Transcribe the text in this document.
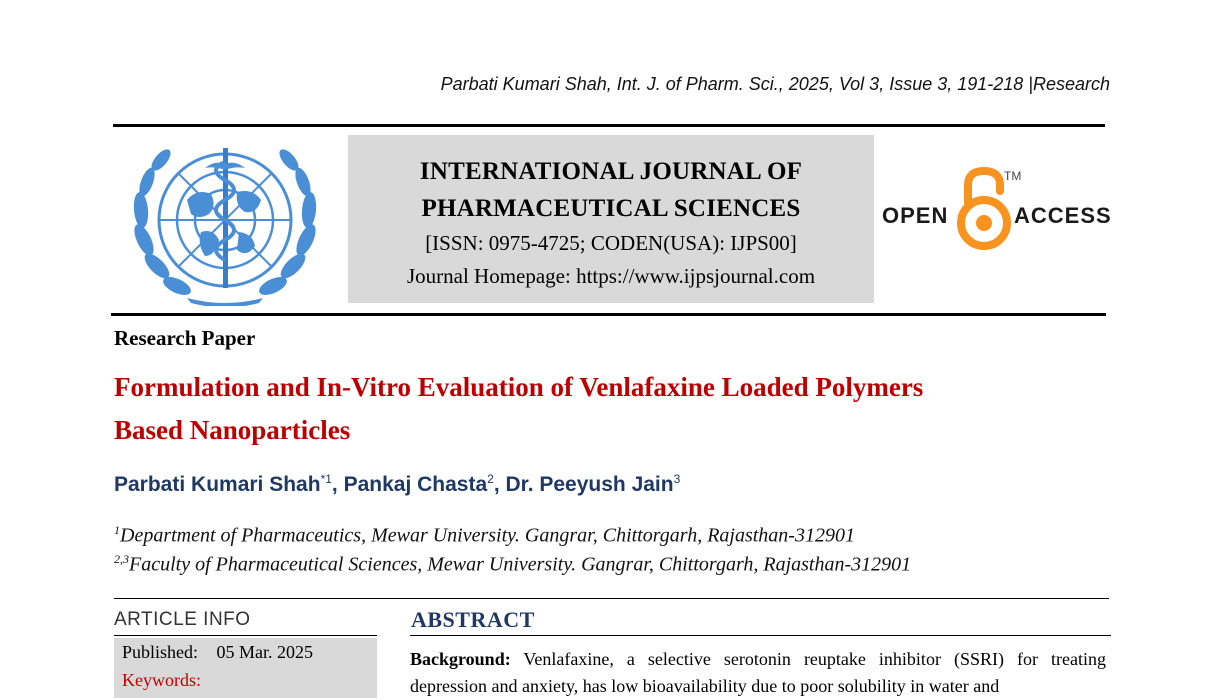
Parbati Kumari Shah, Int. J. of Pharm. Sci., 2025, Vol 3, Issue 3, 191-218 |Research
INTERNATIONAL JOURNAL OF
PHARMACEUTICAL SCIENCES
[ISSN: 0975-4725; CODEN(USA): IJPS00]
Journal Homepage: https://www.ijpsjournal.com
OPEN
TM
ACCESS
Research Paper
Formulation and In-Vitro Evaluation of Venlafaxine Loaded Polymers
Based Nanoparticles
Parbati Kumari Shah$^{*1}$, Pankaj Chasta$^2$, Dr. Peeyush Jain$^3$
$^1$Department of Pharmaceutics, Mewar University. Gangrar, Chittorgarh, Rajasthan-312901
$^{2,3}$Faculty of Pharmaceutical Sciences, Mewar University. Gangrar, Chittorgarh, Rajasthan-312901
ARTICLE INFO
Published: 05 Mar. 2025
Keywords:
ABSTRACT
Background: Venlafaxine, a selective serotonin reuptake inhibitor (SSRI) for treating depression and anxiety, has low bioavailability due to poor solubility in water and
